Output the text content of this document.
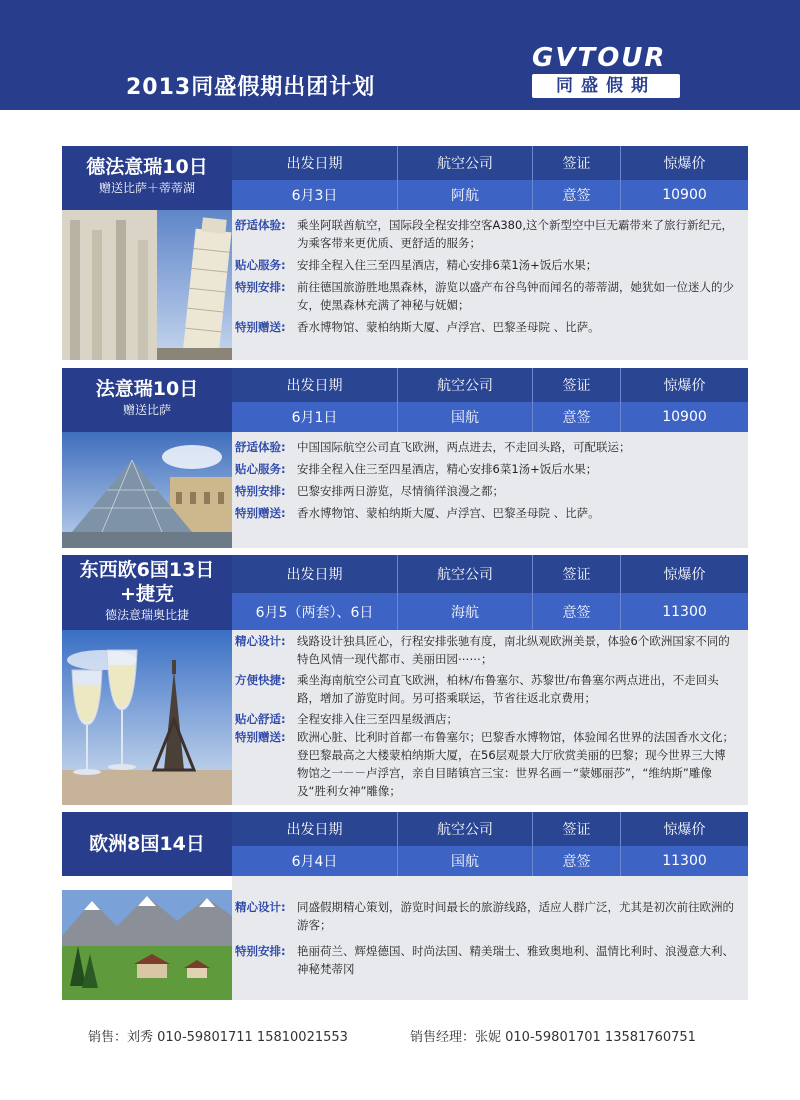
2013同盛假期出团计划
GVTOUR
同盛假期
德法意瑞10日
赠送比萨＋蒂蒂湖
出发日期	航空公司	签证	惊爆价
6月3日	阿航	意签	10900
舒适体验: 乘坐阿联酋航空，国际段全程安排空客A380,这个新型空中巨无霸带来了旅行新纪元，为乘客带来更优质、更舒适的服务；
贴心服务: 安排全程入住三至四星酒店，精心安排6菜1汤+饭后水果；
特别安排: 前往德国旅游胜地黑森林，游览以盛产布谷鸟钟而闻名的蒂蒂湖，她犹如一位迷人的少女，使黑森林充满了神秘与妩媚；
特别赠送: 香水博物馆、蒙柏纳斯大厦、卢浮宫、巴黎圣母院 、比萨。
法意瑞10日
赠送比萨
出发日期	航空公司	签证	惊爆价
6月1日	国航	意签	10900
舒适体验: 中国国际航空公司直飞欧洲，两点进去，不走回头路，可配联运；
贴心服务: 安排全程入住三至四星酒店，精心安排6菜1汤+饭后水果；
特别安排: 巴黎安排两日游览，尽情徜徉浪漫之都；
特别赠送: 香水博物馆、蒙柏纳斯大厦、卢浮宫、巴黎圣母院 、比萨。
东西欧6国13日
+捷克
德法意瑞奥比捷
出发日期	航空公司	签证	惊爆价
6月5（两套）、6日	海航	意签	11300
精心设计: 线路设计独具匠心，行程安排张驰有度，南北纵观欧洲美景，体验6个欧洲国家不同的特色风情一现代都市、美丽田园⋯⋯；
方便快捷: 乘坐海南航空公司直飞欧洲，柏林/布鲁塞尔、苏黎世/布鲁塞尔两点进出，不走回头路，增加了游览时间。另可搭乘联运，节省往返北京费用；
贴心舒适: 全程安排入住三至四星级酒店；
特别赠送: 欧洲心脏、比利时首都一布鲁塞尔；巴黎香水博物馆，体验闻名世界的法国香水文化；登巴黎最高之大楼蒙柏纳斯大厦，在56层观景大厅欣赏美丽的巴黎；现今世界三大博物馆之一－－卢浮宫，亲自目睹镇宫三宝：世界名画－“蒙娜丽莎”，“维纳斯”雕像及“胜利女神”雕像；
欧洲8国14日
出发日期	航空公司	签证	惊爆价
6月4日	国航	意签	11300
精心设计: 同盛假期精心策划，游览时间最长的旅游线路，适应人群广泛，尤其是初次前往欧洲的游客；
特别安排: 艳丽荷兰、辉煌德国、时尚法国、精美瑞士、雅致奥地利、温情比利时、浪漫意大利、神秘梵蒂冈
销售：刘秀 010-59801711 15810021553	销售经理：张妮 010-59801701 13581760751
